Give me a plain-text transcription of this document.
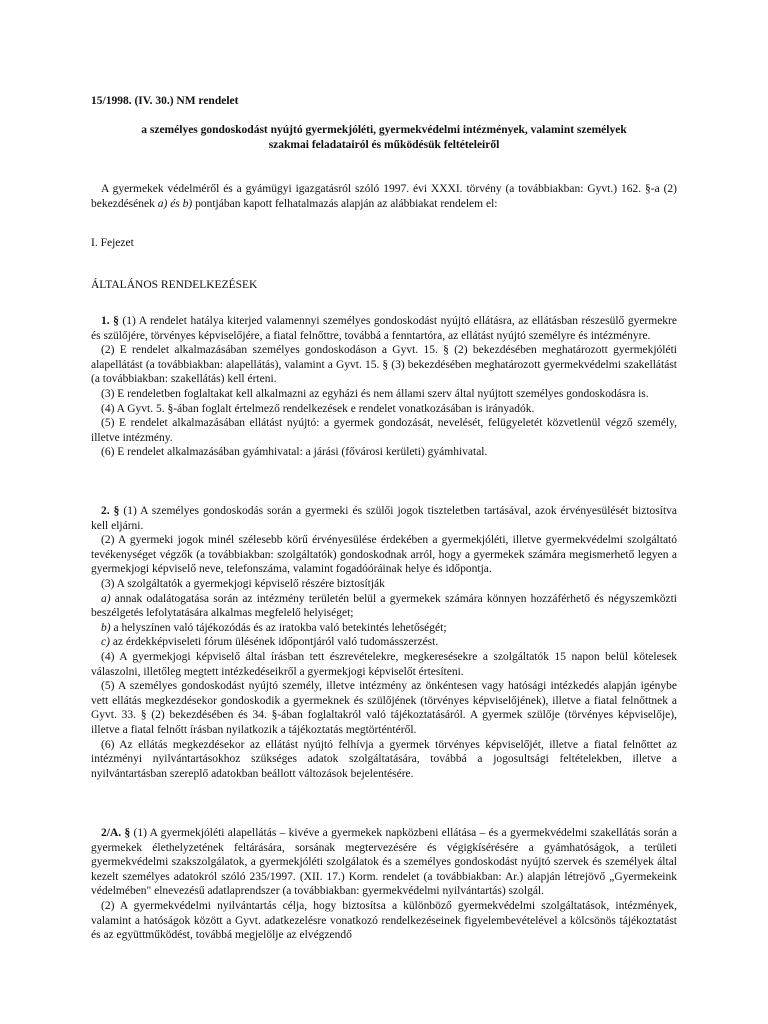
15/1998. (IV. 30.) NM rendelet

a személyes gondoskodást nyújtó gyermekjóléti, gyermekvédelmi intézmények, valamint személyek
szakmai feladatairól és működésük feltételeiről

A gyermekek védelméről és a gyámügyi igazgatásról szóló 1997. évi XXXI. törvény (a továbbiakban: Gyvt.) 162. §-a (2) bekezdésének a) és b) pontjában kapott felhatalmazás alapján az alábbiakat rendelem el:

I. Fejezet

ÁLTALÁNOS RENDELKEZÉSEK

1. § (1) A rendelet hatálya kiterjed valamennyi személyes gondoskodást nyújtó ellátásra, az ellátásban részesülő gyermekre és szülőjére, törvényes képviselőjére, a fiatal felnőttre, továbbá a fenntartóra, az ellátást nyújtó személyre és intézményre.

(2) E rendelet alkalmazásában személyes gondoskodáson a Gyvt. 15. § (2) bekezdésében meghatározott gyermekjóléti alapellátást (a továbbiakban: alapellátás), valamint a Gyvt. 15. § (3) bekezdésében meghatározott gyermekvédelmi szakellátást (a továbbiakban: szakellátás) kell érteni.

(3) E rendeletben foglaltakat kell alkalmazni az egyházi és nem állami szerv által nyújtott személyes gondoskodásra is.

(4) A Gyvt. 5. §-ában foglalt értelmező rendelkezések e rendelet vonatkozásában is irányadók.

(5) E rendelet alkalmazásában ellátást nyújtó: a gyermek gondozását, nevelését, felügyeletét közvetlenül végző személy, illetve intézmény.

(6) E rendelet alkalmazásában gyámhivatal: a járási (fővárosi kerületi) gyámhivatal.

2. § (1) A személyes gondoskodás során a gyermeki és szülői jogok tiszteletben tartásával, azok érvényesülését biztosítva kell eljárni.

(2) A gyermeki jogok minél szélesebb körű érvényesülése érdekében a gyermekjóléti, illetve gyermekvédelmi szolgáltató tevékenységet végzők (a továbbiakban: szolgáltatók) gondoskodnak arról, hogy a gyermekek számára megismerhető legyen a gyermekjogi képviselő neve, telefonszáma, valamint fogadóóráinak helye és időpontja.

(3) A szolgáltatók a gyermekjogi képviselő részére biztosítják

a) annak odalátogatása során az intézmény területén belül a gyermekek számára könnyen hozzáférhető és négyszemközti beszélgetés lefolytatására alkalmas megfelelő helyiséget;

b) a helyszínen való tájékozódás és az iratokba való betekintés lehetőségét;

c) az érdekképviseleti fórum ülésének időpontjáról való tudomásszerzést.

(4) A gyermekjogi képviselő által írásban tett észrevételekre, megkeresésekre a szolgáltatók 15 napon belül kötelesek válaszolni, illetőleg megtett intézkedéseikről a gyermekjogi képviselőt értesíteni.

(5) A személyes gondoskodást nyújtó személy, illetve intézmény az önkéntesen vagy hatósági intézkedés alapján igénybe vett ellátás megkezdésekor gondoskodik a gyermeknek és szülőjének (törvényes képviselőjének), illetve a fiatal felnőttnek a Gyvt. 33. § (2) bekezdésében és 34. §-ában foglaltakról való tájékoztatásáról. A gyermek szülője (törvényes képviselője), illetve a fiatal felnőtt írásban nyilatkozik a tájékoztatás megtörténtéről.

(6) Az ellátás megkezdésekor az ellátást nyújtó felhívja a gyermek törvényes képviselőjét, illetve a fiatal felnőttet az intézményi nyilvántartásokhoz szükséges adatok szolgáltatására, továbbá a jogosultsági feltételekben, illetve a nyilvántartásban szereplő adatokban beállott változások bejelentésére.

2/A. § (1) A gyermekjóléti alapellátás – kivéve a gyermekek napközbeni ellátása – és a gyermekvédelmi szakellátás során a gyermekek élethelyzetének feltárására, sorsának megtervezésére és végigkísérésére a gyámhatóságok, a területi gyermekvédelmi szakszolgálatok, a gyermekjóléti szolgálatok és a személyes gondoskodást nyújtó szervek és személyek által kezelt személyes adatokról szóló 235/1997. (XII. 17.) Korm. rendelet (a továbbiakban: Ar.) alapján létrejövő „Gyermekeink védelmében" elnevezésű adatlaprendszer (a továbbiakban: gyermekvédelmi nyilvántartás) szolgál.

(2) A gyermekvédelmi nyilvántartás célja, hogy biztosítsa a különböző gyermekvédelmi szolgáltatások, intézmények, valamint a hatóságok között a Gyvt. adatkezelésre vonatkozó rendelkezéseinek figyelembevételével a kölcsönös tájékoztatást és az együttműködést, továbbá megjelölje az elvégzendő
